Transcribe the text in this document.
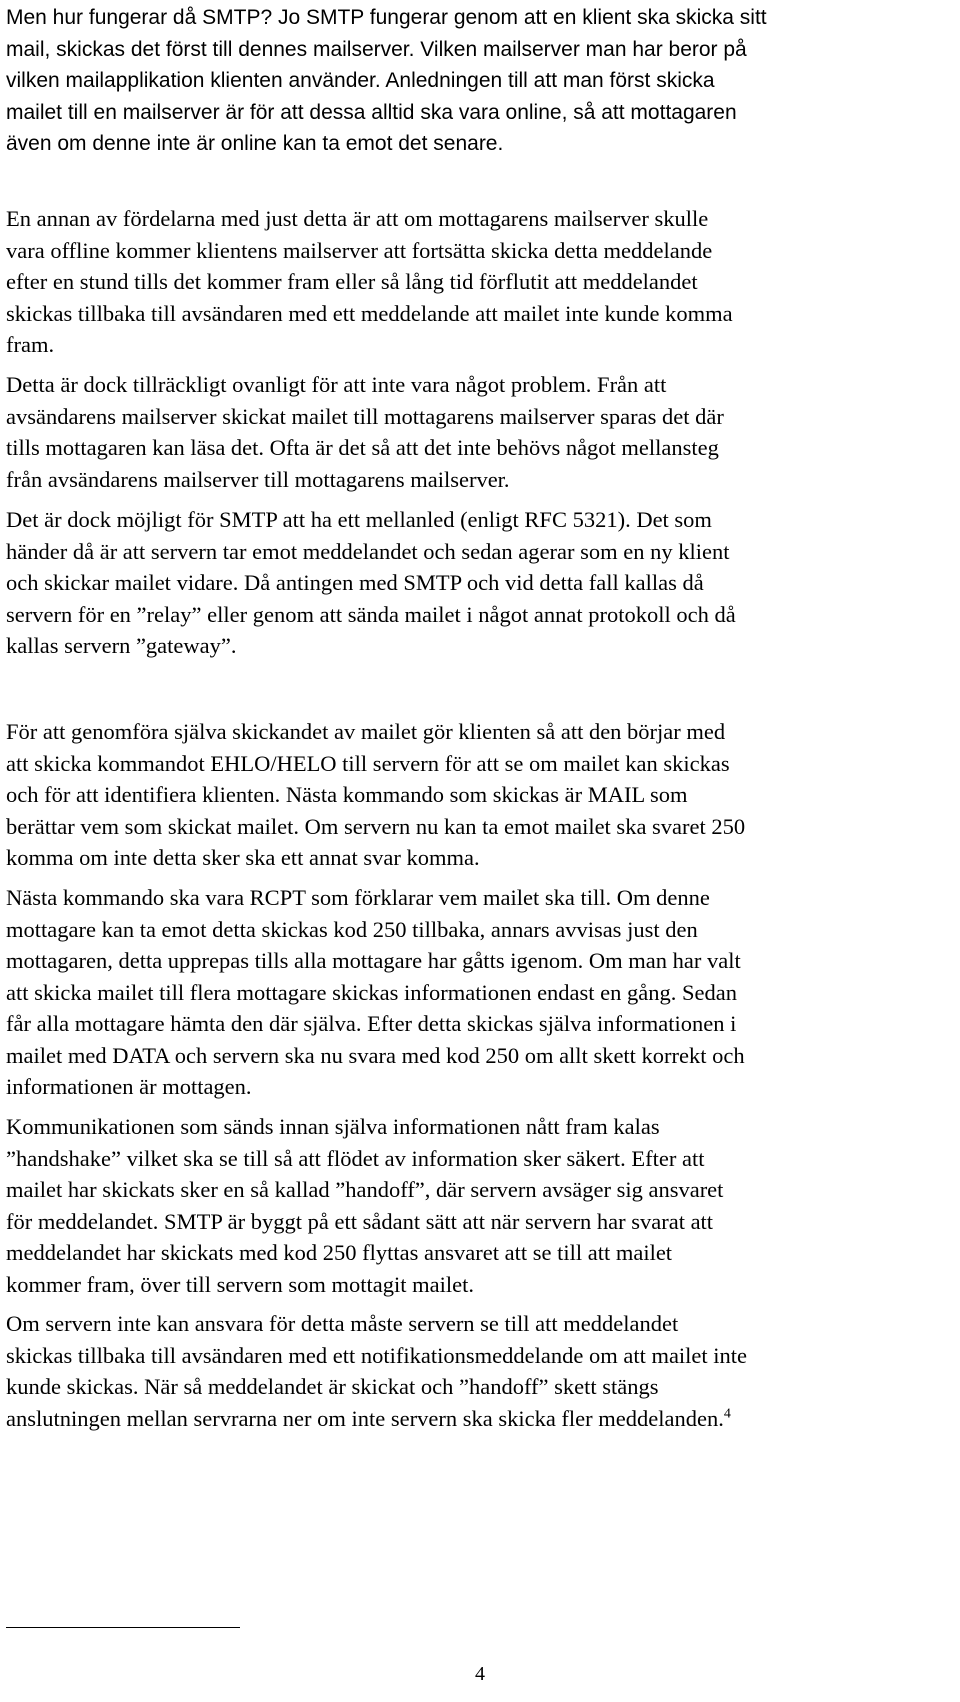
Men hur fungerar då SMTP? Jo SMTP fungerar genom att en klient ska skicka sitt
mail, skickas det först till dennes mailserver. Vilken mailserver man har beror på
vilken mailapplikation klienten använder. Anledningen till att man först skicka
mailet till en mailserver är för att dessa alltid ska vara online, så att mottagaren
även om denne inte är online kan ta emot det senare.
En annan av fördelarna med just detta är att om mottagarens mailserver skulle
vara offline kommer klientens mailserver att fortsätta skicka detta meddelande
efter en stund tills det kommer fram eller så lång tid förflutit att meddelandet
skickas tillbaka till avsändaren med ett meddelande att mailet inte kunde komma
fram.
Detta är dock tillräckligt ovanligt för att inte vara något problem. Från att
avsändarens mailserver skickat mailet till mottagarens mailserver sparas det där
tills mottagaren kan läsa det. Ofta är det så att det inte behövs något mellansteg
från avsändarens mailserver till mottagarens mailserver.
Det är dock möjligt för SMTP att ha ett mellanled (enligt RFC 5321). Det som
händer då är att servern tar emot meddelandet och sedan agerar som en ny klient
och skickar mailet vidare. Då antingen med SMTP och vid detta fall kallas då
servern för en ”relay” eller genom att sända mailet i något annat protokoll och då
kallas servern ”gateway”.
För att genomföra själva skickandet av mailet gör klienten så att den börjar med
att skicka kommandot EHLO/HELO till servern för att se om mailet kan skickas
och för att identifiera klienten. Nästa kommando som skickas är MAIL som
berättar vem som skickat mailet. Om servern nu kan ta emot mailet ska svaret 250
komma om inte detta sker ska ett annat svar komma.
Nästa kommando ska vara RCPT som förklarar vem mailet ska till. Om denne
mottagare kan ta emot detta skickas kod 250 tillbaka, annars avvisas just den
mottagaren, detta upprepas tills alla mottagare har gåtts igenom. Om man har valt
att skicka mailet till flera mottagare skickas informationen endast en gång. Sedan
får alla mottagare hämta den där själva. Efter detta skickas själva informationen i
mailet med DATA och servern ska nu svara med kod 250 om allt skett korrekt och
informationen är mottagen.
Kommunikationen som sänds innan själva informationen nått fram kalas
”handshake” vilket ska se till så att flödet av information sker säkert. Efter att
mailet har skickats sker en så kallad ”handoff”, där servern avsäger sig ansvaret
för meddelandet. SMTP är byggt på ett sådant sätt att när servern har svarat att
meddelandet har skickats med kod 250 flyttas ansvaret att se till att mailet
kommer fram, över till servern som mottagit mailet.
Om servern inte kan ansvara för detta måste servern se till att meddelandet
skickas tillbaka till avsändaren med ett notifikationsmeddelande om att mailet inte
kunde skickas. När så meddelandet är skickat och ”handoff” skett stängs
anslutningen mellan servrarna ner om inte servern ska skicka fler meddelanden.$^4$
4
